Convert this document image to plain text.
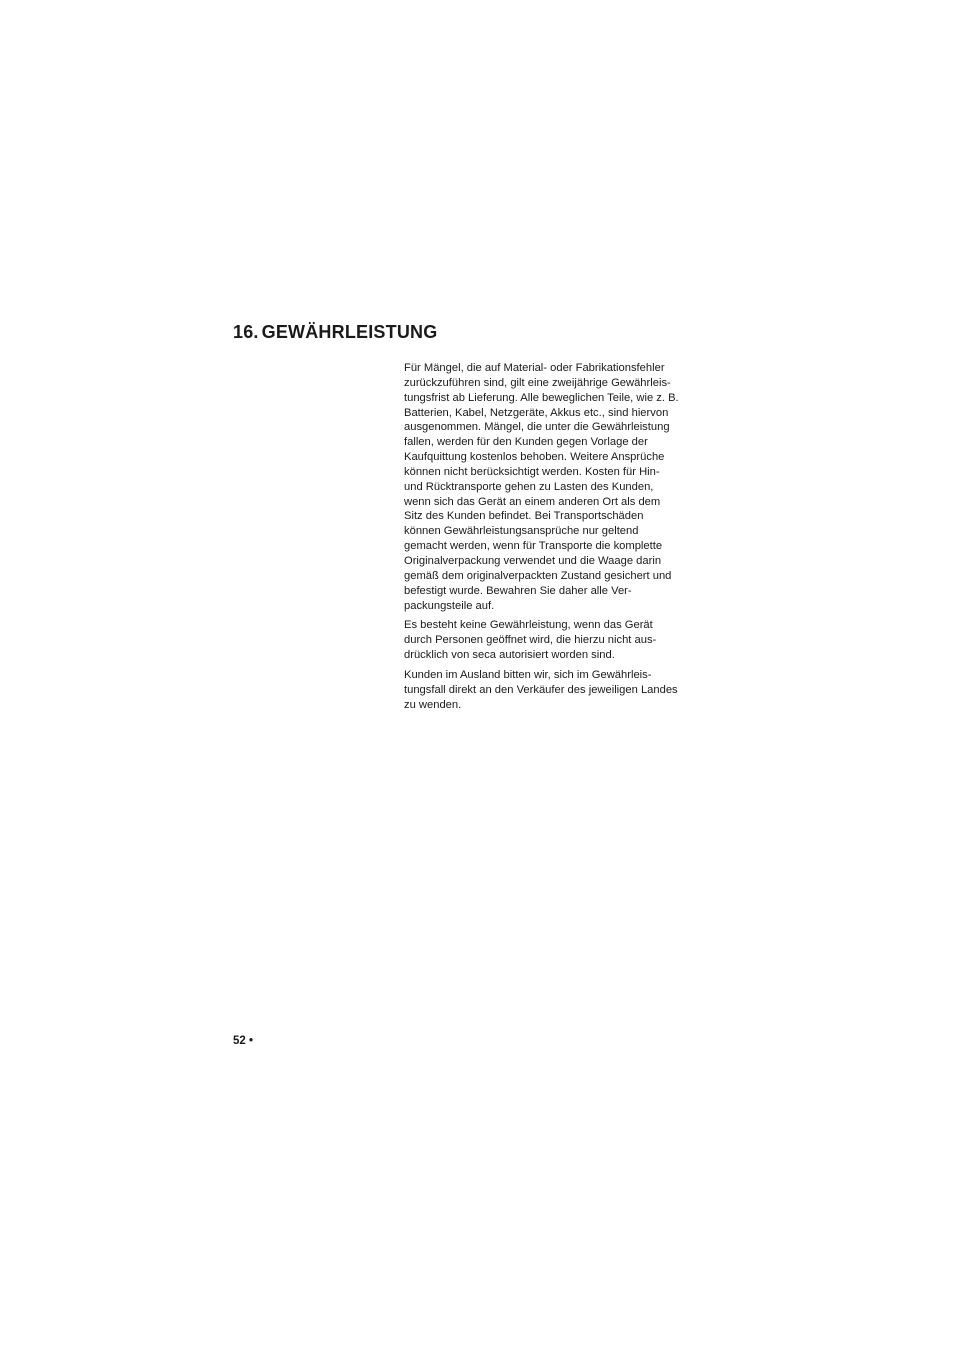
16. GEWÄHRLEISTUNG

Für Mängel, die auf Material- oder Fabrikationsfehler
zurückzuführen sind, gilt eine zweijährige Gewährleis-
tungsfrist ab Lieferung. Alle beweglichen Teile, wie z. B.
Batterien, Kabel, Netzgeräte, Akkus etc., sind hiervon
ausgenommen. Mängel, die unter die Gewährleistung
fallen, werden für den Kunden gegen Vorlage der
Kaufquittung kostenlos behoben. Weitere Ansprüche
können nicht berücksichtigt werden. Kosten für Hin-
und Rücktransporte gehen zu Lasten des Kunden,
wenn sich das Gerät an einem anderen Ort als dem
Sitz des Kunden befindet. Bei Transportschäden
können Gewährleistungsansprüche nur geltend
gemacht werden, wenn für Transporte die komplette
Originalverpackung verwendet und die Waage darin
gemäß dem originalverpackten Zustand gesichert und
befestigt wurde. Bewahren Sie daher alle Ver-
packungsteile auf.

Es besteht keine Gewährleistung, wenn das Gerät
durch Personen geöffnet wird, die hierzu nicht aus-
drücklich von seca autorisiert worden sind.

Kunden im Ausland bitten wir, sich im Gewährleis-
tungsfall direkt an den Verkäufer des jeweiligen Landes
zu wenden.

52 •
